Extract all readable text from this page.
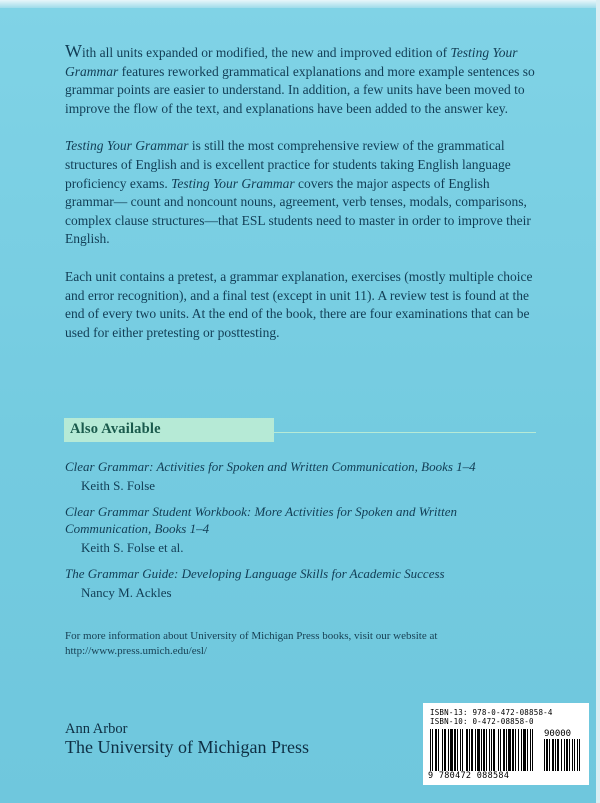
With all units expanded or modified, the new and improved edition of Testing Your Grammar features reworked grammatical explanations and more example sentences so grammar points are easier to understand. In addition, a few units have been moved to improve the flow of the text, and explanations have been added to the answer key.

Testing Your Grammar is still the most comprehensive review of the grammatical structures of English and is excellent practice for students taking English language proficiency exams. Testing Your Grammar covers the major aspects of English grammar— count and noncount nouns, agreement, verb tenses, modals, comparisons, complex clause structures—that ESL students need to master in order to improve their English.

Each unit contains a pretest, a grammar explanation, exercises (mostly multiple choice and error recognition), and a final test (except in unit 11). A review test is found at the end of every two units. At the end of the book, there are four examinations that can be used for either pretesting or posttesting.

Also Available
Clear Grammar: Activities for Spoken and Written Communication, Books 1–4
Keith S. Folse
Clear Grammar Student Workbook: More Activities for Spoken and Written Communication, Books 1–4
Keith S. Folse et al.
The Grammar Guide: Developing Language Skills for Academic Success
Nancy M. Ackles
For more information about University of Michigan Press books, visit our website at
http://www.press.umich.edu/esl/
Ann Arbor
The University of Michigan Press
ISBN-13: 978-0-472-08858-4
ISBN-10: 0-472-08858-0
90000
9 780472 088584
